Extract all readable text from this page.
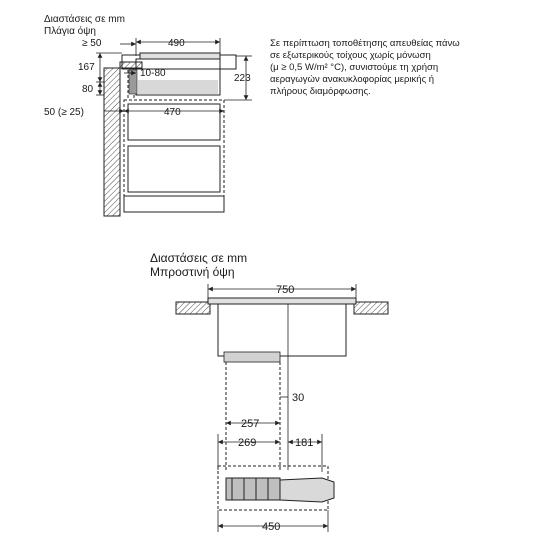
Διαστάσεις σε mm
Πλάγια όψη
490
≥ 50
167
80
10-80	223
470
50 (≥ 25)
Σε περίπτωση τοποθέτησης απευθείας πάνω
σε εξωτερικούς τοίχους χωρίς μόνωση
(μ ≥ 0,5 W/m² °C), συνιστούμε τη χρήση
αεραγωγών ανακυκλοφορίας μερικής ή
πλήρους διαμόρφωσης.
Διαστάσεις σε mm
Μπροστινή όψη
750
30
257
269	181
450
